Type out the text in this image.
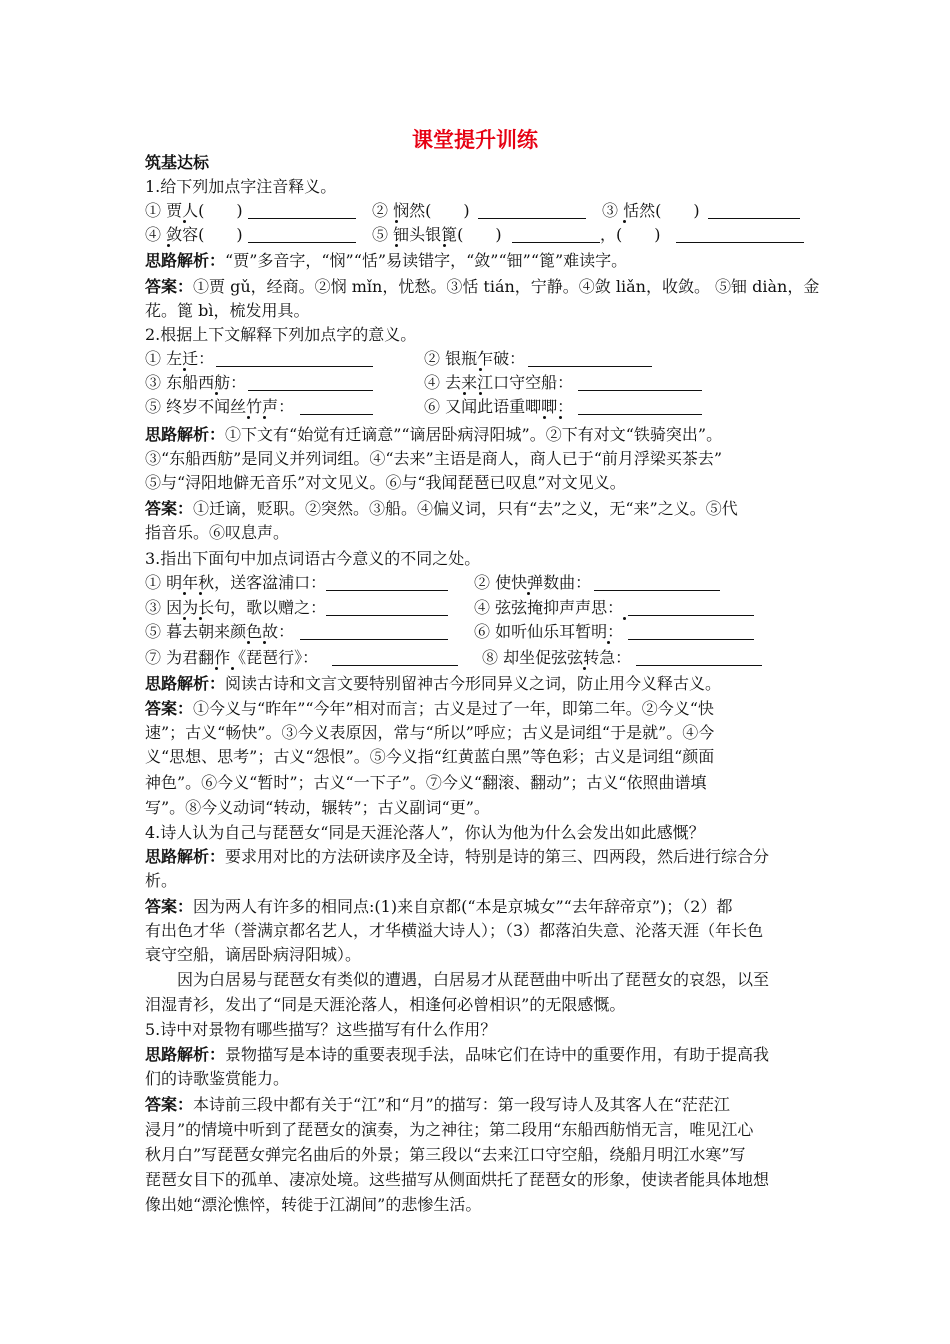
课堂提升训练
筑基达标
1.给下列加点字注音释义。
① 贾人(　　)	② 悯然(　　)	③ 恬然(　　)
④ 敛容(　　)	⑤ 钿头银篦(　　)	，(　　)
思路解析：“贾”多音字，“悯”“恬”易读错字，“敛”“钿”“篦”难读字。
答案：①贾 gǔ，经商。②悯 mǐn，忧愁。③恬 tián，宁静。④敛 liǎn，收敛。 ⑤钿 diàn，金
花。篦 bì，梳发用具。
2.根据上下文解释下列加点字的意义。
① 左迁：	② 银瓶乍破：
③ 东船西舫：	④ 去来江口守空船：
⑤ 终岁不闻丝竹声：	⑥ 又闻此语重唧唧：
思路解析：①下文有“始觉有迁谪意”“谪居卧病浔阳城”。②下有对文“铁骑突出”。
③“东船西舫”是同义并列词组。④“去来”主语是商人，商人已于“前月浮梁买茶去”
⑤与“浔阳地僻无音乐”对文见义。⑥与“我闻琵琶已叹息”对文见义。
答案：①迁谪，贬职。②突然。③船。④偏义词，只有“去”之义，无“来”之义。⑤代
指音乐。⑥叹息声。
3.指出下面句中加点词语古今意义的不同之处。
① 明年秋，送客湓浦口：	② 使快弹数曲：
③ 因为长句，歌以赠之：	④ 弦弦掩抑声声思：
⑤ 暮去朝来颜色故：	⑥ 如听仙乐耳暂明：
⑦ 为君翻作《琵琶行》：	⑧ 却坐促弦弦转急：
思路解析：阅读古诗和文言文要特别留神古今形同异义之词，防止用今义释古义。
答案：①今义与“昨年”“今年”相对而言；古义是过了一年，即第二年。②今义“快
速”；古义“畅快”。③今义表原因，常与“所以”呼应；古义是词组“于是就”。④今
义“思想、思考”；古义“怨恨”。⑤今义指“红黄蓝白黑”等色彩；古义是词组“颜面
神色”。⑥今义“暂时”；古义“一下子”。⑦今义“翻滚、翻动”；古义“依照曲谱填
写”。⑧今义动词“转动，辗转”；古义副词“更”。
4.诗人认为自己与琵琶女“同是天涯沦落人”，你认为他为什么会发出如此感慨？
思路解析：要求用对比的方法研读序及全诗，特别是诗的第三、四两段，然后进行综合分
析。
答案：因为两人有许多的相同点:(1)来自京都(“本是京城女”“去年辞帝京”)；（2）都
有出色才华（誉满京都名艺人，才华横溢大诗人）；（3）都落泊失意、沦落天涯（年长色
衰守空船，谪居卧病浔阳城）。
因为白居易与琵琶女有类似的遭遇，白居易才从琵琶曲中听出了琵琶女的哀怨，以至
泪湿青衫，发出了“同是天涯沦落人，相逢何必曾相识”的无限感慨。
5.诗中对景物有哪些描写？这些描写有什么作用？
思路解析：景物描写是本诗的重要表现手法，品味它们在诗中的重要作用，有助于提高我
们的诗歌鉴赏能力。
答案：本诗前三段中都有关于“江”和“月”的描写：第一段写诗人及其客人在“茫茫江
浸月”的情境中听到了琵琶女的演奏，为之神往；第二段用“东船西舫悄无言，唯见江心
秋月白”写琵琶女弹完名曲后的外景；第三段以“去来江口守空船，绕船月明江水寒”写
琵琶女目下的孤单、凄凉处境。这些描写从侧面烘托了琵琶女的形象，使读者能具体地想
像出她“漂沦憔悴，转徙于江湖间”的悲惨生活。
